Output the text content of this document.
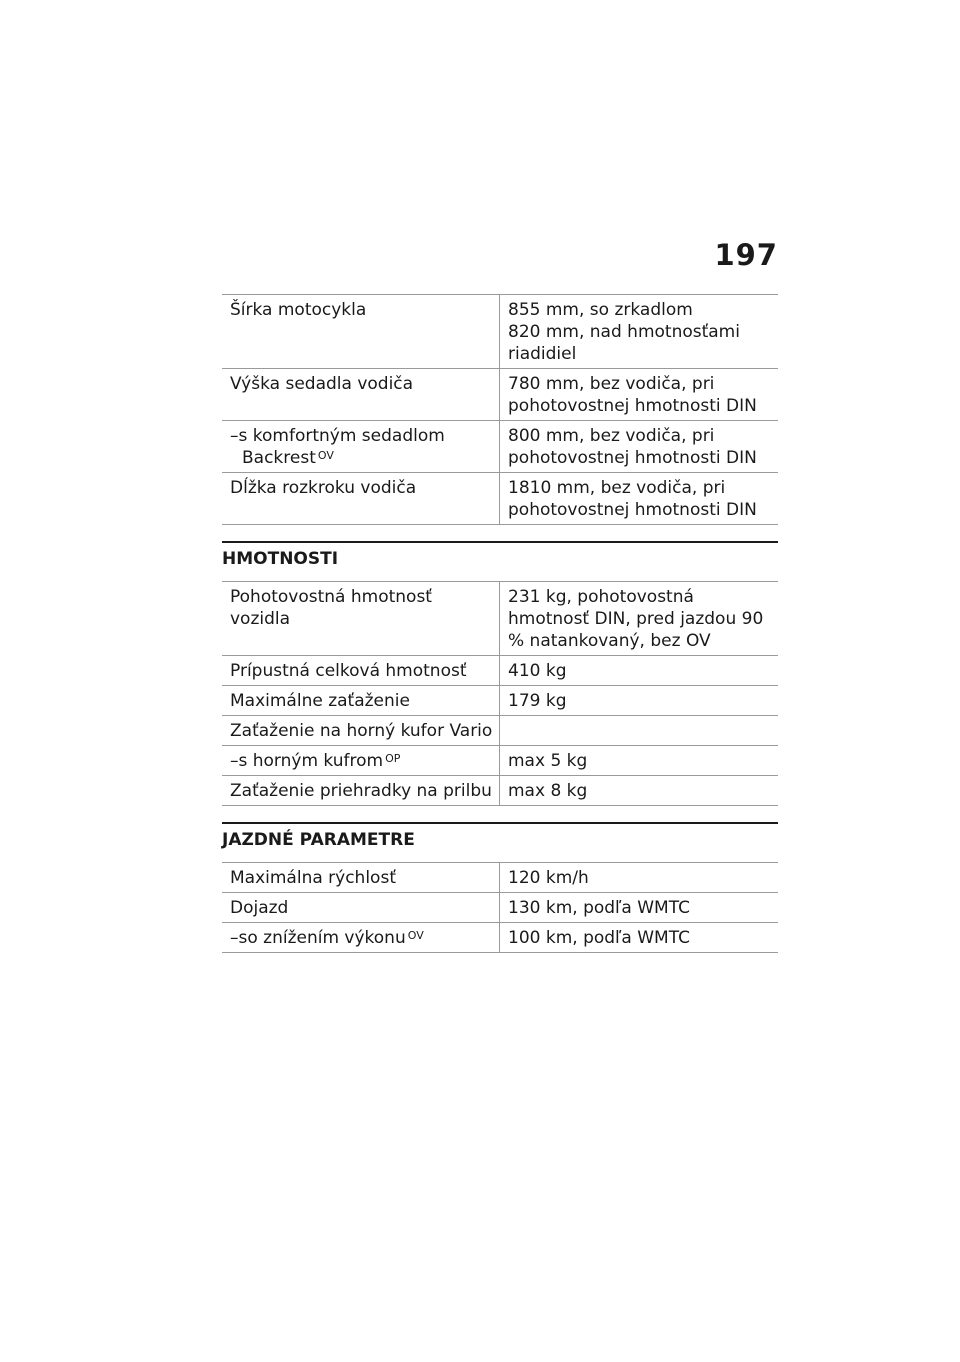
197
Šírka motocykla	855 mm, so zrkadlom
820 mm, nad hmotnosťami riadidiel
Výška sedadla vodiča	780 mm, bez vodiča, pri pohotovostnej hmotnosti DIN
–s komfortným sedadlom
Backrest $^{OV}$	800 mm, bez vodiča, pri pohotovostnej hmotnosti DIN
Dĺžka rozkroku vodiča	1810 mm, bez vodiča, pri pohotovostnej hmotnosti DIN
HMOTNOSTI
Pohotovostná hmotnosť vozidla	231 kg, pohotovostná hmotnosť DIN, pred jazdou 90 % natankovaný, bez OV
Prípustná celková hmotnosť	410 kg
Maximálne zaťaženie	179 kg
Zaťaženie na horný kufor Vario	
–s horným kufrom $^{OP}$	max 5 kg
Zaťaženie priehradky na prilbu	max 8 kg
JAZDNÉ PARAMETRE
Maximálna rýchlosť	120 km/h
Dojazd	130 km, podľa WMTC
–so znížením výkonu $^{OV}$	100 km, podľa WMTC
